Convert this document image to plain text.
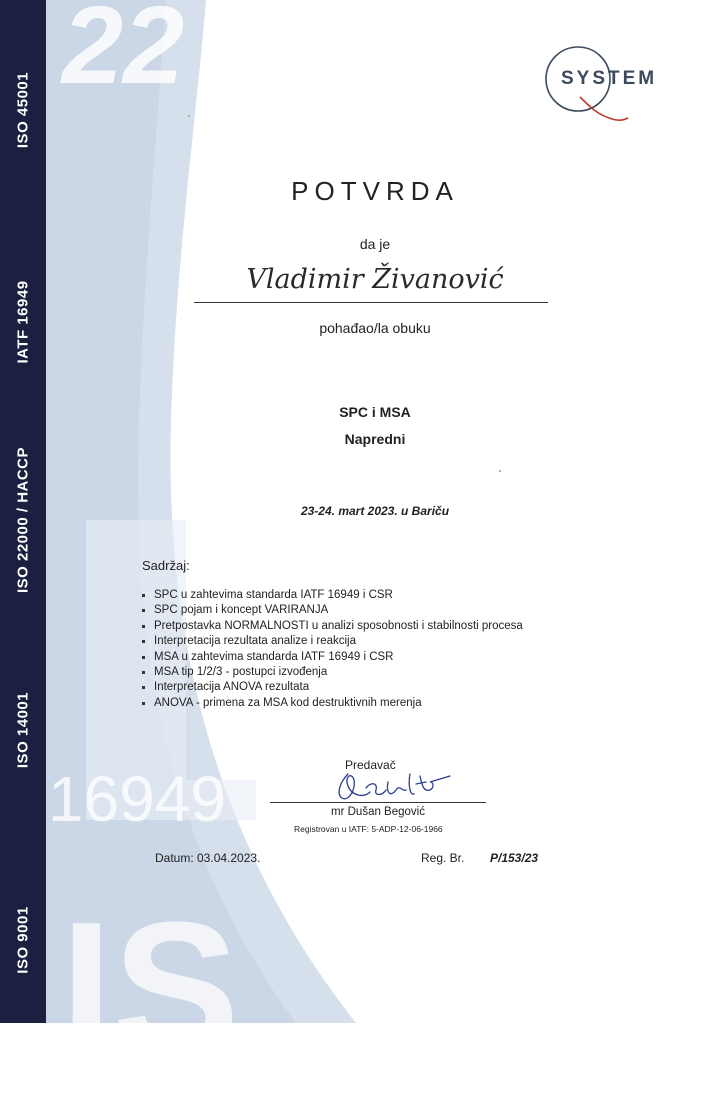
22
16949
IS
ISO 45001
IATF 16949
ISO 22000 / HACCP
ISO 14001
ISO 9001
SYSTEM
POTVRDA
da je
Vladimir Živanović
pohađao/la obuku
SPC i MSA
Napredni
23-24. mart 2023. u Bariču
Sadržaj:
SPC u zahtevima standarda IATF 16949 i CSR
SPC pojam i koncept VARIRANJA
Pretpostavka NORMALNOSTI u analizi sposobnosti i stabilnosti procesa
Interpretacija rezultata analize i reakcija
MSA u zahtevima standarda IATF 16949 i CSR
MSA tip 1/2/3 - postupci izvođenja
Interpretacija ANOVA rezultata
ANOVA - primena za MSA kod destruktivnih merenja
Predavač
mr Dušan Begović
Registrovan u IATF: 5-ADP-12-06-1966
Datum: 03.04.2023.	Reg. Br. P/153/23
